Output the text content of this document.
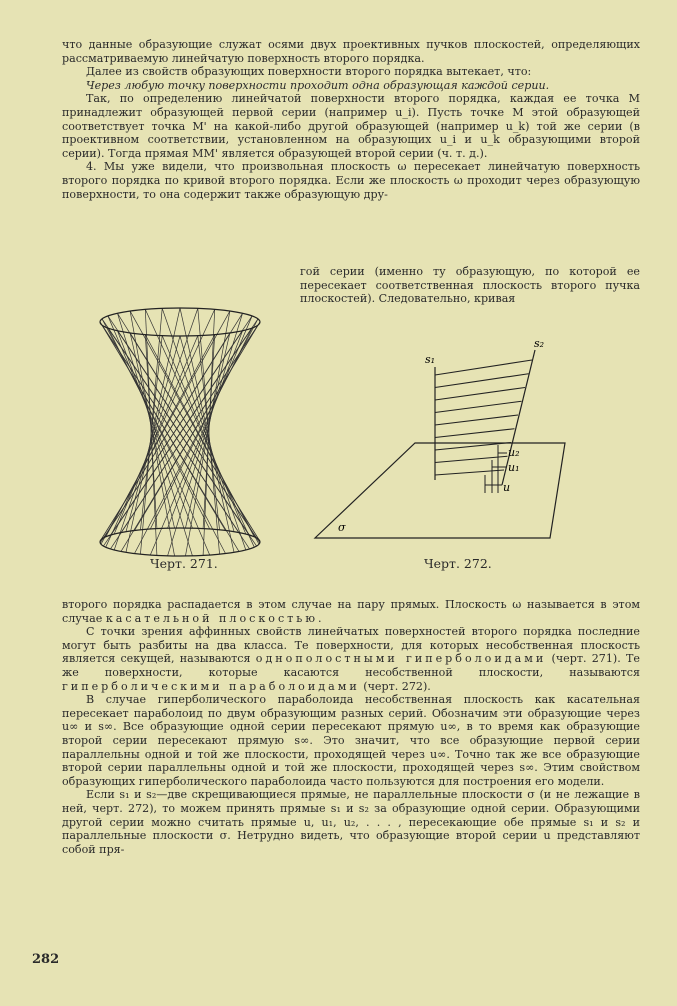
что данные образующие служат осями двух проективных пучков плоскостей, определяющих рассматриваемую линейчатую поверхность второго порядка.

Далее из свойств образующих поверхности второго порядка вытекает, что:

Через любую точку поверхности проходит одна образующая каждой серии.

Так, по определению линейчатой поверхности второго порядка, каждая ее точка M принадлежит образующей первой серии (например u_i). Пусть точке M этой образующей соответствует точка M' на какой-либо другой образующей (например u_k) той же серии (в проективном соответствии, установленном на образующих u_i и u_k образующими второй серии). Тогда прямая MM' является образующей второй серии (ч. т. д.).

4. Мы уже видели, что произвольная плоскость ω пересекает линейчатую поверхность второго порядка по кривой второго порядка. Если же плоскость ω проходит через образующую поверхности, то она содержит также образующую дру-

гой серии (именно ту образующую, по которой ее пересекает соответственная плоскость второго пучка плоскостей). Следовательно, кривая

s₁
s₂
u₂
u₁
u
σ
Черт. 271.	Черт. 272.

второго порядка распадается в этом случае на пару прямых. Плоскость ω называется в этом случае касательной плоскостью.

С точки зрения аффинных свойств линейчатых поверхностей второго порядка последние могут быть разбиты на два класса. Те поверхности, для которых несобственная плоскость является секущей, называются однополостными гиперболоидами (черт. 271). Те же поверхности, которые касаются несобственной плоскости, называются гиперболическими параболоидами (черт. 272).

В случае гиперболического параболоида несобственная плоскость как касательная пересекает параболоид по двум образующим разных серий. Обозначим эти образующие через u∞ и s∞. Все образующие одной серии пересекают прямую u∞, в то время как образующие второй серии пересекают прямую s∞. Это значит, что все образующие первой серии параллельны одной и той же плоскости, проходящей через u∞. Точно так же все образующие второй серии параллельны одной и той же плоскости, проходящей через s∞. Этим свойством образующих гиперболического параболоида часто пользуются для построения его модели.

Если s₁ и s₂—две скрещивающиеся прямые, не параллельные плоскости σ (и не лежащие в ней, черт. 272), то можем принять прямые s₁ и s₂ за образующие одной серии. Образующими другой серии можно считать прямые u, u₁, u₂, . . . , пересекающие обе прямые s₁ и s₂ и параллельные плоскости σ. Нетрудно видеть, что образующие второй серии u представляют собой пря-

282
